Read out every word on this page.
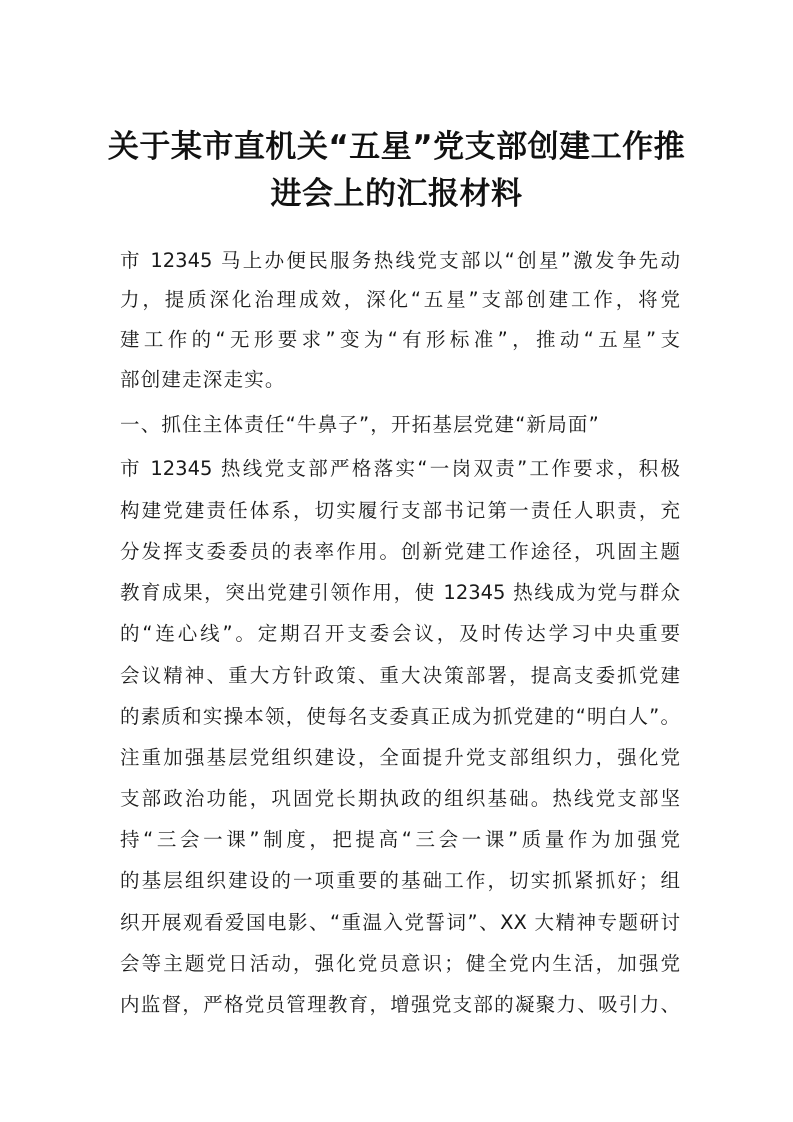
关于某市直机关“五星”党支部创建工作推
进会上的汇报材料
市 12345 马上办便民服务热线党支部以“创星”激发争先动
力，提质深化治理成效，深化“五星”支部创建工作，将党
建工作的“无形要求”变为“有形标准”，推动“五星”支
部创建走深走实。
一、抓住主体责任“牛鼻子”，开拓基层党建“新局面”
市 12345 热线党支部严格落实“一岗双责”工作要求，积极
构建党建责任体系，切实履行支部书记第一责任人职责，充
分发挥支委委员的表率作用。创新党建工作途径，巩固主题
教育成果，突出党建引领作用，使 12345 热线成为党与群众
的“连心线”。定期召开支委会议，及时传达学习中央重要
会议精神、重大方针政策、重大决策部署，提高支委抓党建
的素质和实操本领，使每名支委真正成为抓党建的“明白人”。
注重加强基层党组织建设，全面提升党支部组织力，强化党
支部政治功能，巩固党长期执政的组织基础。热线党支部坚
持“三会一课”制度，把提高“三会一课”质量作为加强党
的基层组织建设的一项重要的基础工作，切实抓紧抓好；组
织开展观看爱国电影、“重温入党誓词”、XX 大精神专题研讨
会等主题党日活动，强化党员意识；健全党内生活，加强党
内监督，严格党员管理教育，增强党支部的凝聚力、吸引力、
